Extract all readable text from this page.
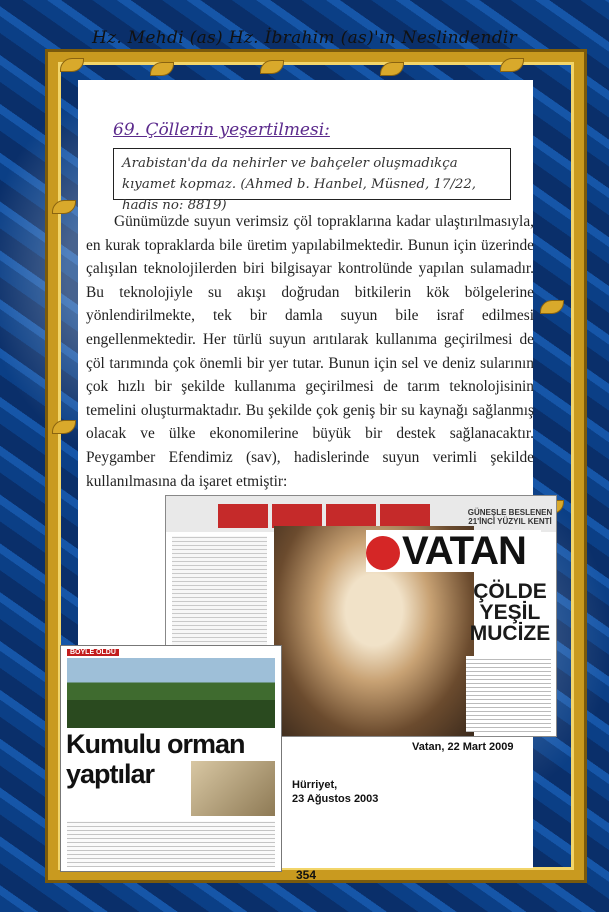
Hz. Mehdi (as) Hz. İbrahim (as)'ın Neslindendir
69. Çöllerin yeşertilmesi:
Arabistan'da da nehirler ve bahçeler oluşmadıkça kıyamet kopmaz. (Ahmed b. Hanbel, Müsned, 17/22, hadis no: 8819)

Günümüzde suyun verimsiz çöl topraklarına kadar ulaştırılmasıyla, en kurak topraklarda bile üretim yapılabilmektedir. Bunun için üzerinde çalışılan teknolojilerden biri bilgisayar kontrolünde yapılan sulamadır. Bu teknolojiyle su akışı doğrudan bitkilerin kök bölgelerine yönlendirilmekte, tek bir damla suyun bile israf edilmesi engellenmektedir. Her türlü suyun arıtılarak kullanıma geçirilmesi de çöl tarımında çok önemli bir yer tutar. Bunun için sel ve deniz sularının çok hızlı bir şekilde kullanıma geçirilmesi de tarım teknolojisinin temelini oluşturmaktadır. Bu şekilde çok geniş bir su kaynağı sağlanmış olacak ve ülke ekonomilerine büyük bir destek sağlanacaktır. Peygamber Efendimiz (sav), hadislerinde suyun verimli şekilde kullanılmasına da işaret etmiştir:

GÜNEŞLE BESLENEN 21'İNCİ YÜZYIL KENTİ
VATAN
ÇÖLDE YEŞİL MUCİZE
Vatan, 22 Mart 2009
BÖYLE OLDU
Kumulu orman yaptılar	Hürriyet,
23 Ağustos 2003
354
